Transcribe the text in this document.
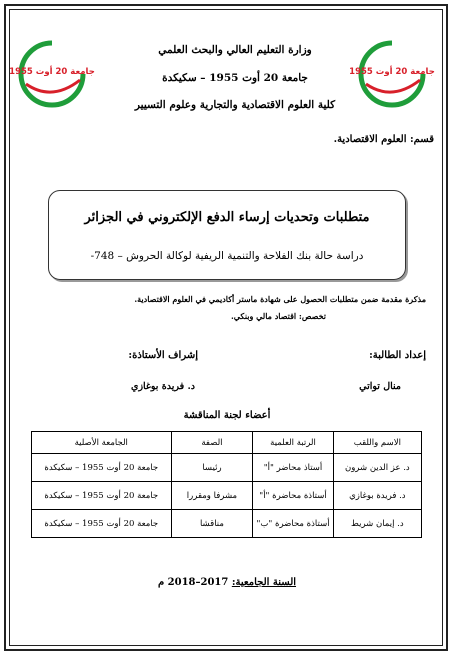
جامعة 20 أوت 1955	جامعة 20 أوت 1955
وزارة التعليم العالي والبحث العلمي
جامعة 20 أوت 1955 – سكيكدة
كلية العلوم الاقتصادية والتجارية وعلوم التسيير
قسم: العلوم الاقتصادية.
متطلبات وتحديات إرساء الدفع الإلكتروني في الجزائر
دراسة حالة بنك الفلاحة والتنمية الريفية لوكالة الحروش – 748-
مذكرة مقدمة ضمن متطلبات الحصول على شهادة ماستر أكاديمي في العلوم الاقتصادية.
تخصص: اقتصاد مالي وبنكي.
إعداد الطالبة:
إشراف الأستاذة:
منال تواتي
د. فريدة بوغازي
أعضاء لجنة المناقشة
الاسم واللقب	الرتبة العلمية	الصفة	الجامعة الأصلية
د. عز الدين شرون	أستاذ محاضر "أ"	رئيسا	جامعة 20 أوت 1955 – سكيكدة
د. فريدة بوغازي	أستاذة محاضرة "أ"	مشرفا ومقررا	جامعة 20 أوت 1955 – سكيكدة
د. إيمان شريط	أستاذة محاضرة "ب"	مناقشا	جامعة 20 أوت 1955 – سكيكدة
السنة الجامعية: 2017–2018 م
